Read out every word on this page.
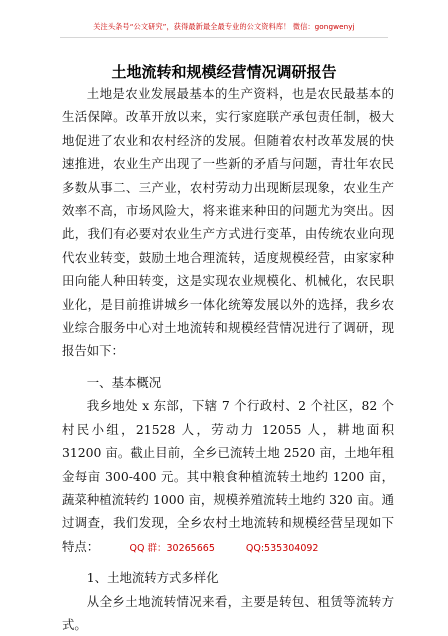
关注头条号“公文研究”，获得最新最全最专业的公文资料库！ 微信：gongwenyj
土地流转和规模经营情况调研报告

土地是农业发展最基本的生产资料，也是农民最基本的生活保障。改革开放以来，实行家庭联产承包责任制，极大地促进了农业和农村经济的发展。但随着农村改革发展的快速推进，农业生产出现了一些新的矛盾与问题，青壮年农民多数从事二、三产业，农村劳动力出现断层现象，农业生产效率不高，市场风险大，将来谁来种田的问题尤为突出。因此，我们有必要对农业生产方式进行变革，由传统农业向现代农业转变，鼓励土地合理流转，适度规模经营，由家家种田向能人种田转变，这是实现农业规模化、机械化，农民职业化，是目前推讲城乡一体化统筹发展以外的选择，我乡农业综合服务中心对土地流转和规模经营情况进行了调研，现报告如下：

一、基本概况

我乡地处 x 东部，下辖 7 个行政村、2 个社区，82 个村民小组，21528 人，劳动力 12055 人，耕地面积 31200 亩。截止目前，全乡已流转土地 2520 亩，土地年租金每亩 300-400 元。其中粮食种植流转土地约 1200 亩，蔬菜种植流转约 1000 亩，规模养殖流转土地约 320 亩。通过调查，我们发现，全乡农村土地流转和规模经营呈现如下特点：

1、土地流转方式多样化

从全乡土地流转情况来看，主要是转包、租赁等流转方式。

QQ 群：30265665	QQ:535304092
